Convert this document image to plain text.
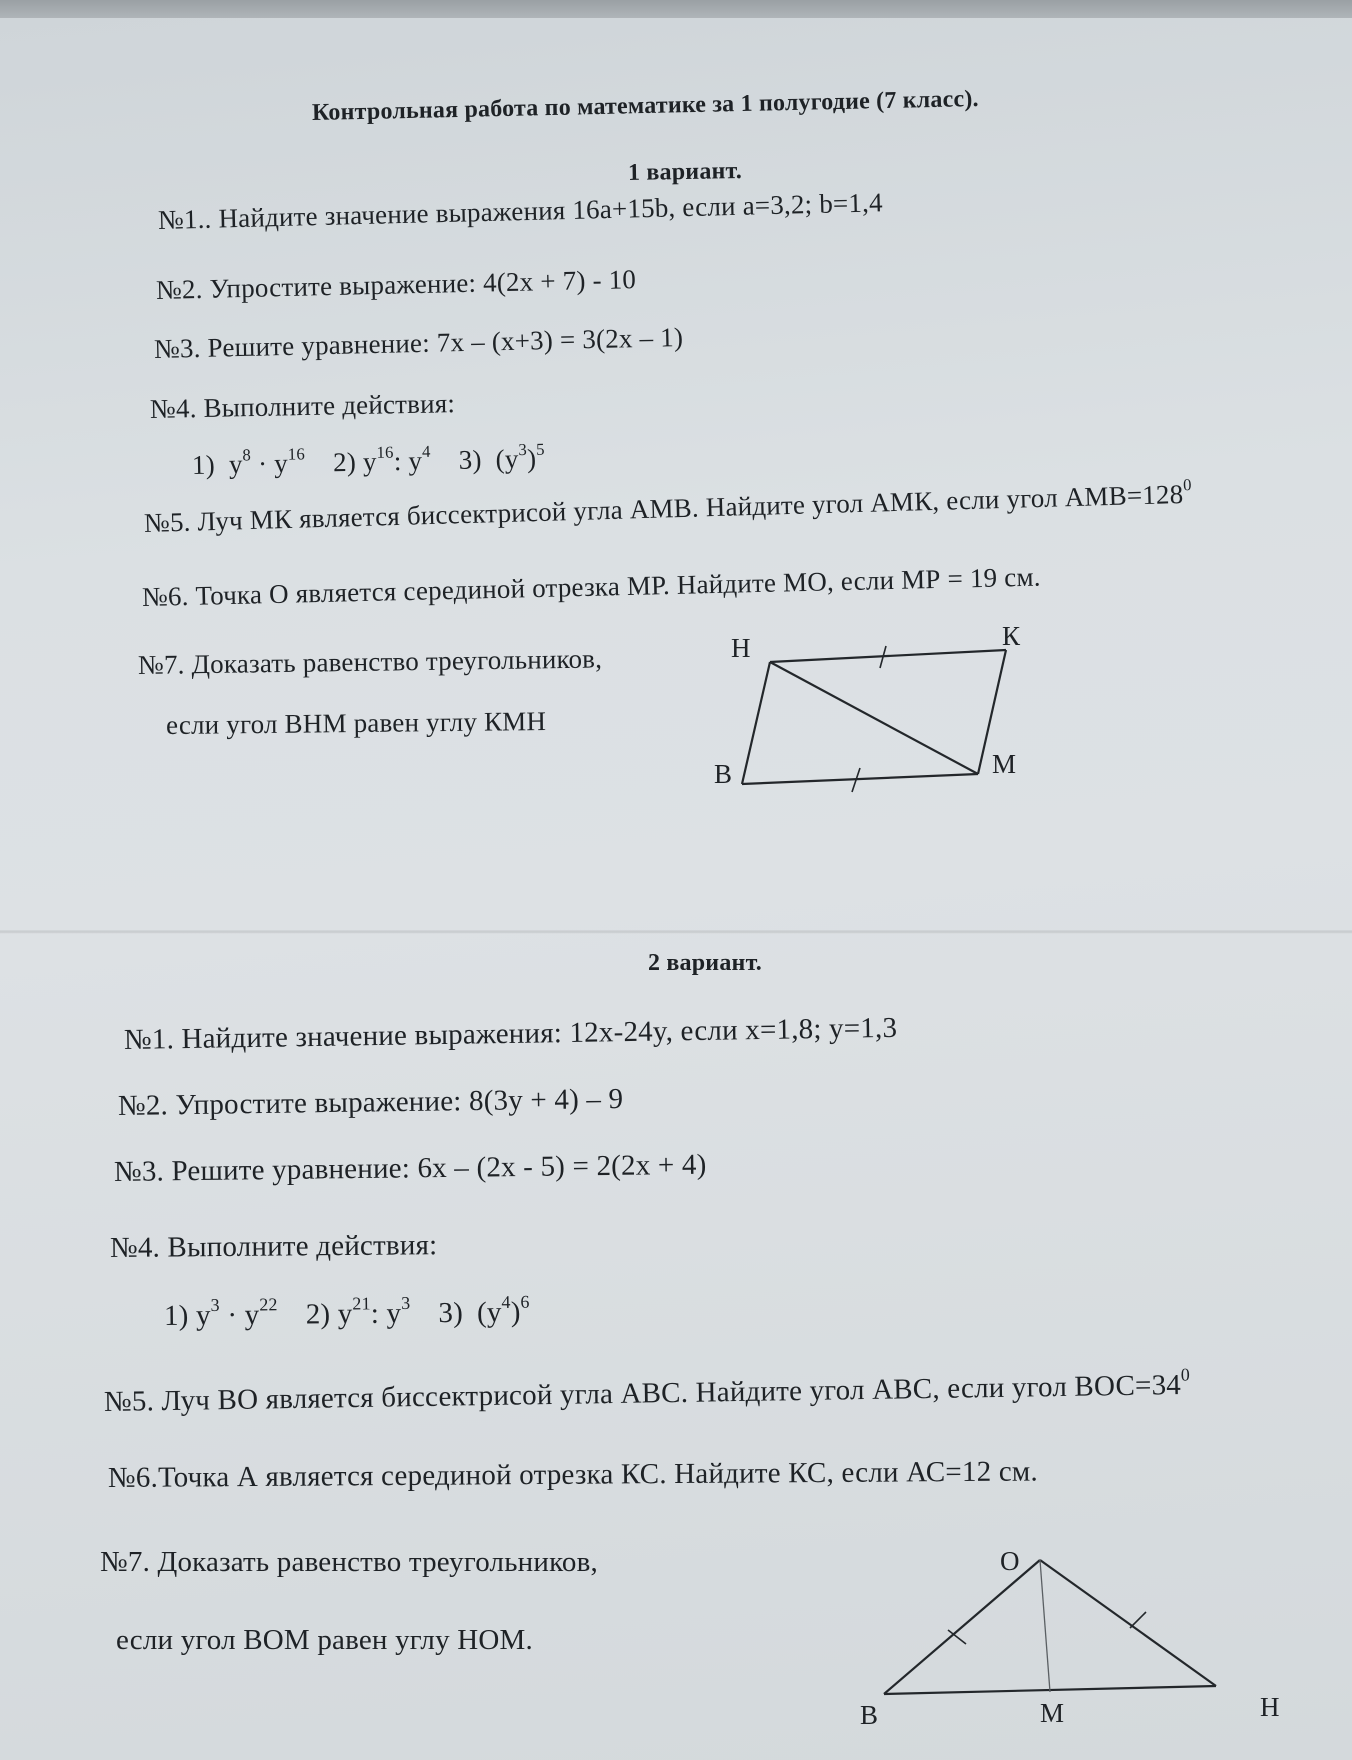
Контрольная работа по математике за 1 полугодие (7 класс).
1 вариант.
№1.. Найдите значение выражения 16a+15b, если a=3,2; b=1,4
№2. Упростите выражение: 4(2x + 7) - 10
№3. Решите уравнение: 7x – (x+3) = 3(2x – 1)
№4. Выполните действия:
1) $y^8 \cdot y^{16}$ 2) $y^{16}$: $y^4$ 3) $(y^3)^5$
№5. Луч МК является биссектрисой угла АМВ. Найдите угол АМК, если угол $АМВ=128^0$
№6. Точка О является серединой отрезка МР. Найдите МО, если МР = 19 см.
№7. Доказать равенство треугольников,
если угол ВНМ равен углу КМН
2 вариант.
№1. Найдите значение выражения: 12x-24y, если x=1,8; y=1,3
№2. Упростите выражение: 8(3y + 4) – 9
№3. Решите уравнение: 6x – (2x - 5) = 2(2x + 4)
№4. Выполните действия:
1) $y^3 \cdot y^{22}$ 2) $y^{21}$: $y^3$ 3) $(y^4)^6$
№5. Луч ВО является биссектрисой угла АВС. Найдите угол АВС, если угол $ВОС=34^0$
№6.Точка А является серединой отрезка КС. Найдите КС, если АС=12 см.
№7. Доказать равенство треугольников,
если угол ВОМ равен углу НОМ.
Н	К
В	М
О
В	М	Н
